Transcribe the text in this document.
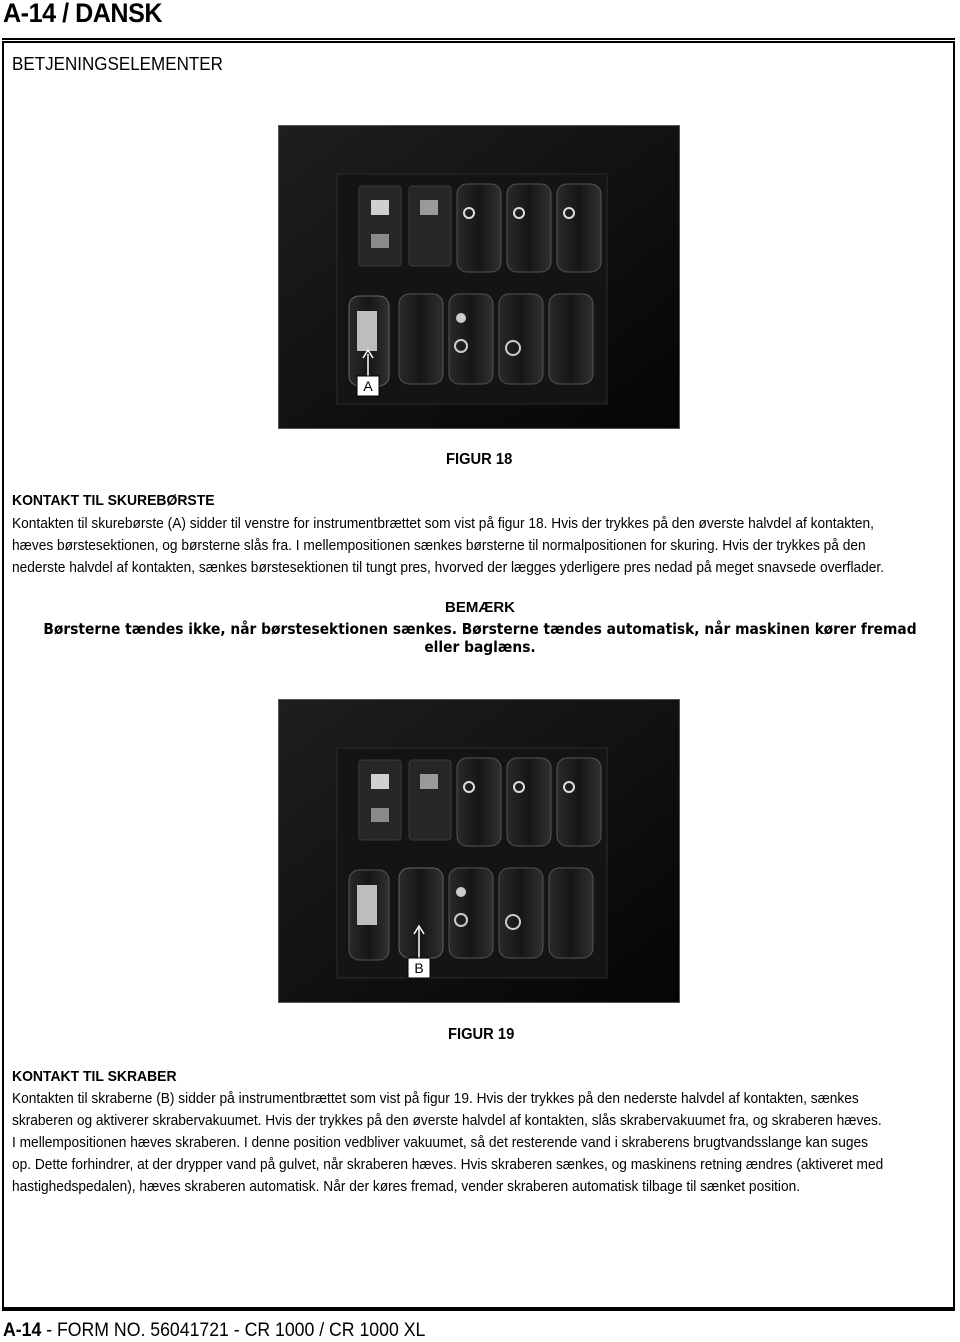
A-14 / DANSK
BETJENINGSELEMENTER
A
FIGUR 18
KONTAKT TIL SKUREBØRSTE
Kontakten til skurebørste (A) sidder til venstre for instrumentbrættet som vist på figur 18. Hvis der trykkes på den øverste halvdel af kontakten,
hæves børstesektionen, og børsterne slås fra. I mellempositionen sænkes børsterne til normalpositionen for skuring. Hvis der trykkes på den
nederste halvdel af kontakten, sænkes børstesektionen til tungt pres, hvorved der lægges yderligere pres nedad på meget snavsede overflader.
BEMÆRK
Børsterne tændes ikke, når børstesektionen sænkes. Børsterne tændes automatisk, når maskinen kører fremad eller baglæns.
B
FIGUR 19
KONTAKT TIL SKRABER
Kontakten til skraberne (B) sidder på instrumentbrættet som vist på figur 19. Hvis der trykkes på den nederste halvdel af kontakten, sænkes
skraberen og aktiverer skrabervakuumet. Hvis der trykkes på den øverste halvdel af kontakten, slås skrabervakuumet fra, og skraberen hæves.
I mellempositionen hæves skraberen. I denne position vedbliver vakuumet, så det resterende vand i skraberens brugtvandsslange kan suges
op. Dette forhindrer, at der drypper vand på gulvet, når skraberen hæves. Hvis skraberen sænkes, og maskinens retning ændres (aktiveret med
hastighedspedalen), hæves skraberen automatisk. Når der køres fremad, vender skraberen automatisk tilbage til sænket position.
A-14 - FORM NO. 56041721 - CR 1000 / CR 1000 XL
